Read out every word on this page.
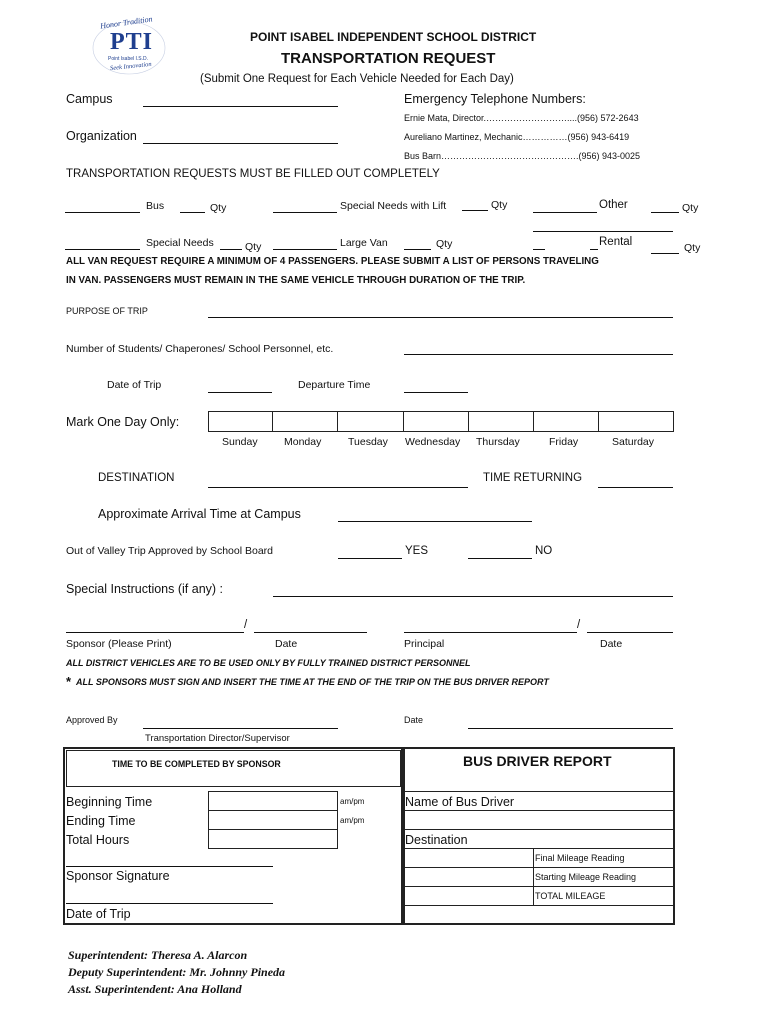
Honor Tradition
PTI
Point Isabel I.S.D.
Seek Innovation
POINT ISABEL INDEPENDENT SCHOOL DISTRICT
TRANSPORTATION REQUEST
(Submit One Request for Each Vehicle Needed for Each Day)
Campus
Organization
Emergency Telephone Numbers:
Ernie Mata, Director.………………………....(956) 572-2643
Aureliano Martinez, Mechanic……………(956) 943-6419
Bus Barn……………………………………….(956) 943-0025
TRANSPORTATION REQUESTS MUST BE FILLED OUT COMPLETELY
Bus	Qty	Special Needs with Lift	Qty	Other	Qty
Special Needs	Qty	Large Van	Qty	Rental	Qty
ALL VAN REQUEST REQUIRE A MINIMUM OF 4 PASSENGERS. PLEASE SUBMIT A LIST OF PERSONS TRAVELING
IN VAN. PASSENGERS MUST REMAIN IN THE SAME VEHICLE THROUGH DURATION OF THE TRIP.
PURPOSE OF TRIP
Number of Students/ Chaperones/ School Personnel, etc.
Date of Trip	Departure Time
Mark One Day Only:
Sunday	Monday	Tuesday Wednesday Thursday	Friday	Saturday
DESTINATION	TIME RETURNING
Approximate Arrival Time at Campus
Out of Valley Trip Approved by School Board	YES	NO
Special Instructions (if any) :
/	/
Sponsor (Please Print)	Date	Principal	Date
ALL DISTRICT VEHICLES ARE TO BE USED ONLY BY FULLY TRAINED DISTRICT PERSONNEL
* ALL SPONSORS MUST SIGN AND INSERT THE TIME AT THE END OF THE TRIP ON THE BUS DRIVER REPORT
Approved By	Date
Transportation Director/Supervisor
TIME TO BE COMPLETED BY SPONSOR
Beginning Time
Ending Time
Total Hours
am/pm
am/pm
Sponsor Signature
Date of Trip
BUS DRIVER REPORT
Name of Bus Driver
Destination
Final Mileage Reading
Starting Mileage Reading
TOTAL MILEAGE
Superintendent: Theresa A. Alarcon
Deputy Superintendent: Mr. Johnny Pineda
Asst. Superintendent: Ana Holland
